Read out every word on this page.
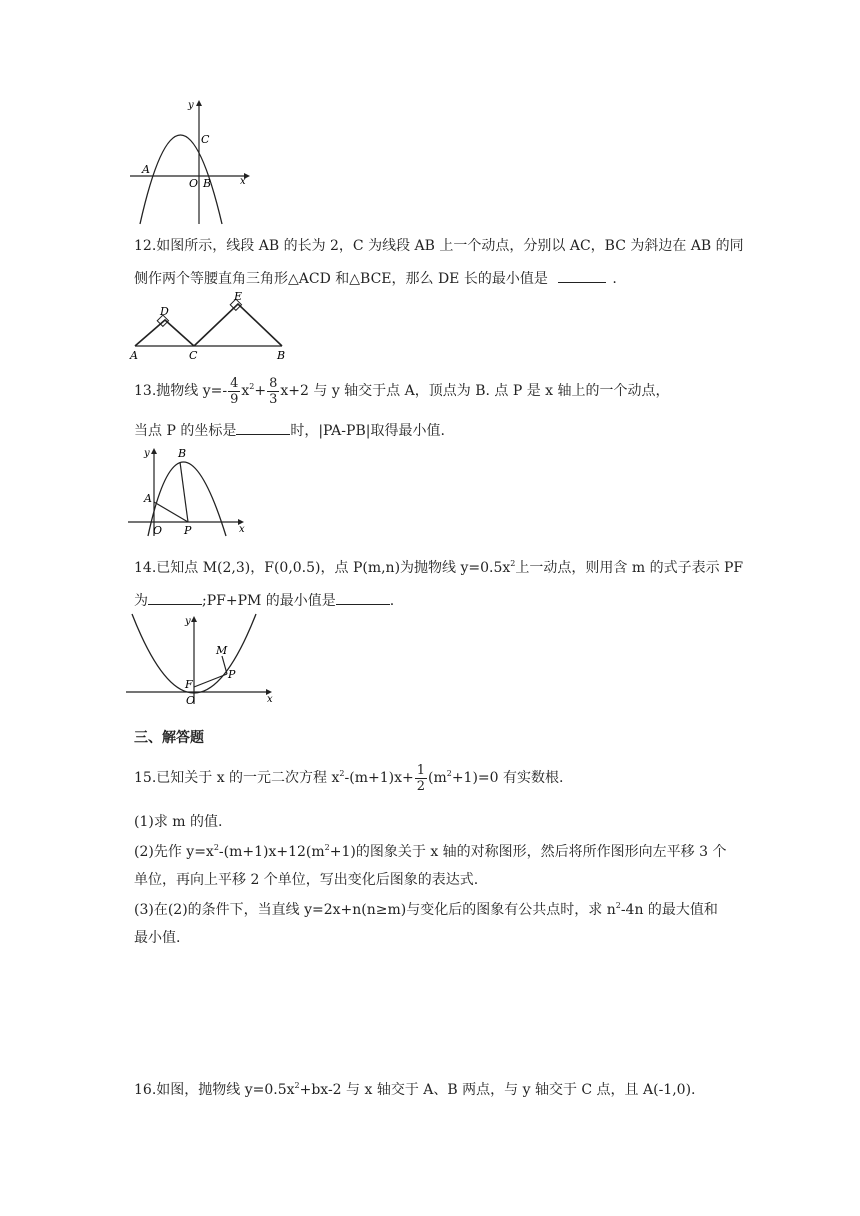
y
x
A
O B
C
12.如图所示，线段 AB 的长为 2，C 为线段 AB 上一个动点，分别以 AC，BC 为斜边在 AB 的同
侧作两个等腰直角三角形△ACD 和△BCE，那么 DE 长的最小值是	.
A	C	B
D
E
13.抛物线 $y=- \frac{4}{9} x^2+ \frac{8}{3} x+2$ 与 y 轴交于点 A，顶点为 B. 点 P 是 x 轴上的一个动点，
当点 P 的坐标是	时，|PA-PB|取得最小值.
y
x
A
B
O P
14.已知点 M(2,3)，F(0,0.5)，点 P(m,n)为抛物线 $y=0.5x^2$上一动点，则用含 m 的式子表示 PF
为	;PF+PM 的最小值是	.
y
x
M
P
F
O
三、解答题
15.已知关于 x 的一元二次方程 $x^2-(m+1)x+ \frac{1}{2} (m^2+1)=0$ 有实数根.
(1)求 m 的值.
(2)先作 $y=x^2-(m+1)x+12(m^2+1)$的图象关于 x 轴的对称图形，然后将所作图形向左平移 3 个
单位，再向上平移 2 个单位，写出变化后图象的表达式.
(3)在(2)的条件下，当直线 y=2x+n(n≥m)与变化后的图象有公共点时，求 $n^2-4n$ 的最大值和
最小值.
16.如图，抛物线 $y=0.5x^2+bx-2$ 与 x 轴交于 A、B 两点，与 y 轴交于 C 点，且 A(-1,0).
